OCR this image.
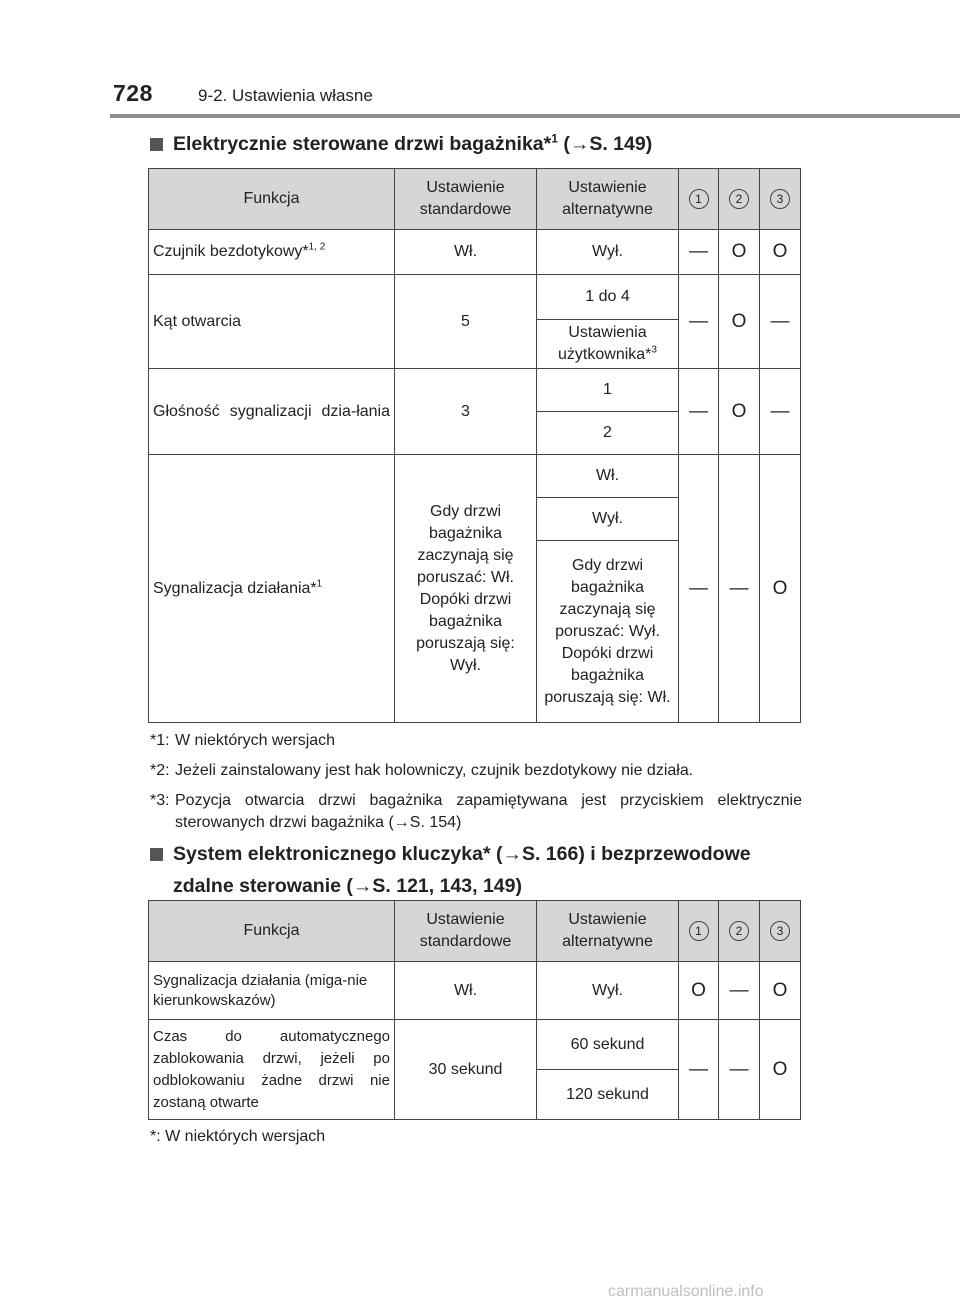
728	9-2. Ustawienia własne
Elektrycznie sterowane drzwi bagażnika*$^1$ (→S. 149)
Funkcja	Ustawienie standardowe	Ustawienie alternatywne	1	2	3
Czujnik bezdotykowy*$^{1, 2}$	Wł.	Wył.	—	O	O
Kąt otwarcia	5	1 do 4	—	O	—
		Ustawienia użytkownika*$^3$
Głośność sygnalizacji dzia-łania	3	1	—	O	—
		2			
Sygnalizacja działania*$^1$	Gdy drzwi bagażnika zaczynają się poruszać: Wł. Dopóki drzwi bagażnika poruszają się: Wył.	Wł.	—	—	O
		Wył.			
		Gdy drzwi bagażnika zaczynają się poruszać: Wył. Dopóki drzwi bagażnika poruszają się: Wł.			
*1: W niektórych wersjach
*2: Jeżeli zainstalowany jest hak holowniczy, czujnik bezdotykowy nie działa.
*3: Pozycja otwarcia drzwi bagażnika zapamiętywana jest przyciskiem elektrycznie sterowanych drzwi bagażnika (→S. 154)
System elektronicznego kluczyka* (→S. 166) i bezprzewodowe
zdalne sterowanie (→S. 121, 143, 149)
Funkcja	Ustawienie standardowe	Ustawienie alternatywne	1	2	3
Sygnalizacja działania (miga-nie kierunkowskazów)	Wł.	Wył.	O	—	O
Czas do automatycznego zablokowania drzwi, jeżeli po odblokowaniu żadne drzwi nie zostaną otwarte	30 sekund	60 sekund	—	—	O
		120 sekund			
*: W niektórych wersjach
carmanualsonline.info
